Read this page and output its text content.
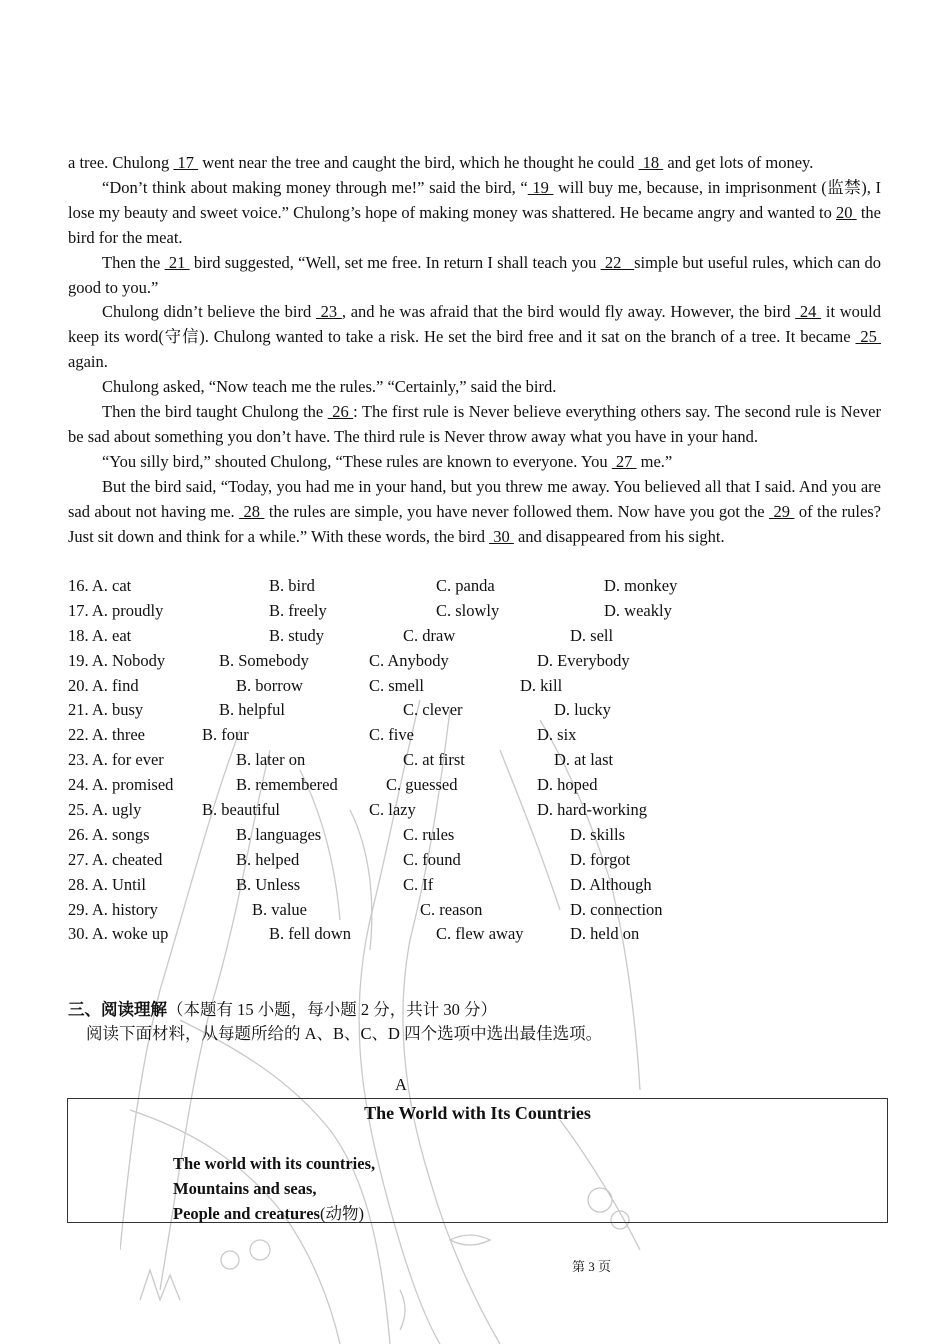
a tree. Chulong  17  went near the tree and caught the bird, which he thought he could  18  and get lots of money.

“Don’t think about making money through me!” said the bird, “ 19  will buy me, because, in imprisonment (监禁), I lose my beauty and sweet voice.” Chulong’s hope of making money was shattered. He became angry and wanted to 20  the bird for the meat.

Then the  21  bird suggested, “Well, set me free. In return I shall teach you  22   simple but useful rules, which can do good to you.”

Chulong didn’t believe the bird  23 , and he was afraid that the bird would fly away. However, the bird  24  it would keep its word(守信). Chulong wanted to take a risk. He set the bird free and it sat on the branch of a tree. It became  25  again.

Chulong asked, “Now teach me the rules.” “Certainly,” said the bird.

Then the bird taught Chulong the  26 : The first rule is Never believe everything others say. The second rule is Never be sad about something you don’t have. The third rule is Never throw away what you have in your hand.

“You silly bird,” shouted Chulong, “These rules are known to everyone. You  27  me.”

But the bird said, “Today, you had me in your hand, but you threw me away. You believed all that I said. And you are sad about not having me.  28  the rules are simple, you have never followed them. Now have you got the  29  of the rules? Just sit down and think for a while.” With these words, the bird  30  and disappeared from his sight.

16. A. cat	B. bird	C. panda	D. monkey
17. A. proudly	B. freely	C. slowly	D. weakly
18. A. eat	B. study	C. draw	D. sell
19. A. Nobody	B. Somebody	C. Anybody	D. Everybody
20. A. find	B. borrow	C. smell	D. kill
21. A. busy	B. helpful	C. clever	D. lucky
22. A. three	B. four	C. five	D. six
23. A. for ever	B. later on	C. at first	D. at last
24. A. promised	B. remembered	C. guessed	D. hoped
25. A. ugly	B. beautiful	C. lazy	D. hard-working
26. A. songs	B. languages	C. rules	D. skills
27. A. cheated	B. helped	C. found	D. forgot
28. A. Until	B. Unless	C. If	D. Although
29. A. history	B. value	C. reason	D. connection
30. A. woke up	B. fell down	C. flew away	D. held on
三、阅读理解（本题有 15 小题，每小题 2 分，共计 30 分）
阅读下面材料，从每题所给的 A、B、C、D 四个选项中选出最佳选项。
A
The World with Its Countries
The world with its countries,
Mountains and seas,
People and creatures(动物)
第 3 页
